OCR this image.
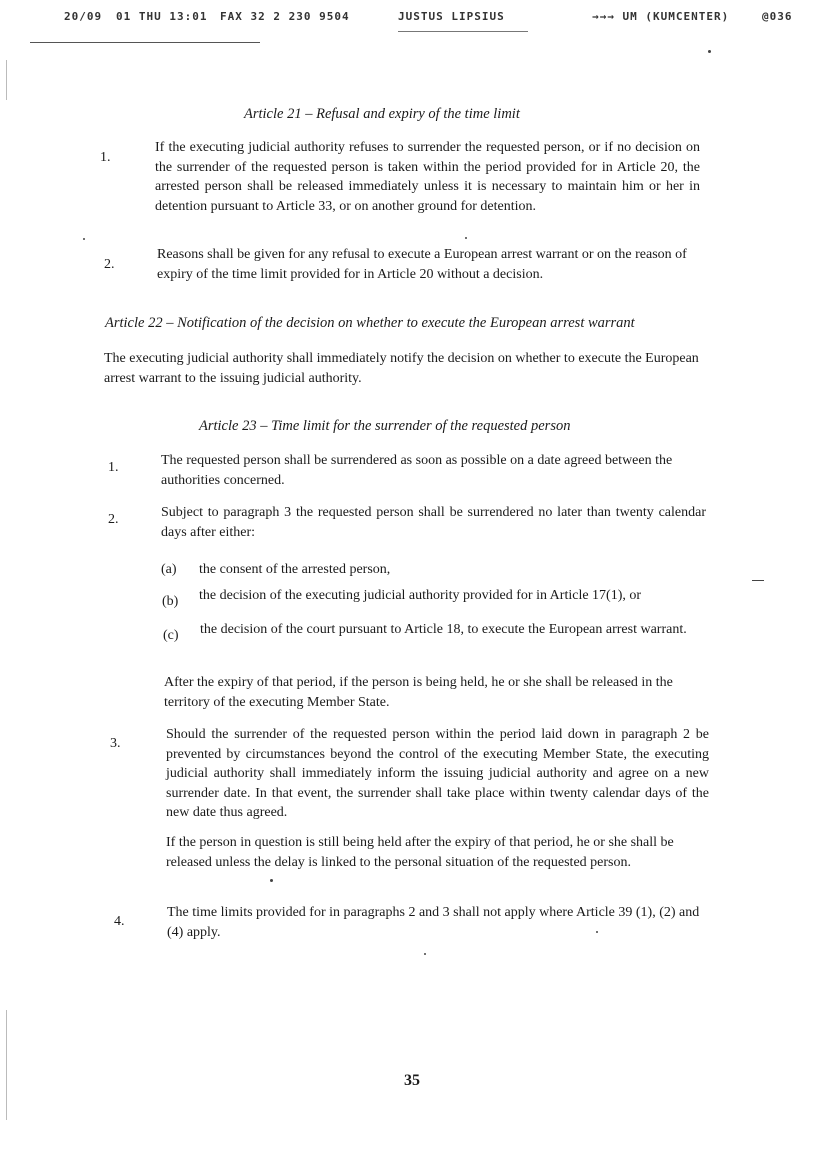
20/09 01 THU 13:01 FAX 32 2 230 9504	JUSTUS LIPSIUS	→→→ UM (KUMCENTER)	@036
Article 21 – Refusal and expiry of the time limit
1.
If the executing judicial authority refuses to surrender the requested person, or if no decision on the surrender of the requested person is taken within the period provided for in Article 20, the arrested person shall be released immediately unless it is necessary to maintain him or her in detention pursuant to Article 33, or on another ground for detention.
2.
Reasons shall be given for any refusal to execute a European arrest warrant or on the reason of expiry of the time limit provided for in Article 20 without a decision.
Article 22 – Notification of the decision on whether to execute the European arrest warrant
The executing judicial authority shall immediately notify the decision on whether to execute the European arrest warrant to the issuing judicial authority.
Article 23 – Time limit for the surrender of the requested person
1.	The requested person shall be surrendered as soon as possible on a date agreed between the authorities concerned.
2.	Subject to paragraph 3 the requested person shall be surrendered no later than twenty calendar days after either:
(a) the consent of the arrested person,
(b) the decision of the executing judicial authority provided for in Article 17(1), or
(c) the decision of the court pursuant to Article 18, to execute the European arrest warrant.
After the expiry of that period, if the person is being held, he or she shall be released in the territory of the executing Member State.
3.
Should the surrender of the requested person within the period laid down in paragraph 2 be prevented by circumstances beyond the control of the executing Member State, the executing judicial authority shall immediately inform the issuing judicial authority and agree on a new surrender date. In that event, the surrender shall take place within twenty calendar days of the new date thus agreed.
If the person in question is still being held after the expiry of that period, he or she shall be released unless the delay is linked to the personal situation of the requested person.
4.
The time limits provided for in paragraphs 2 and 3 shall not apply where Article 39 (1), (2) and (4) apply.
35
